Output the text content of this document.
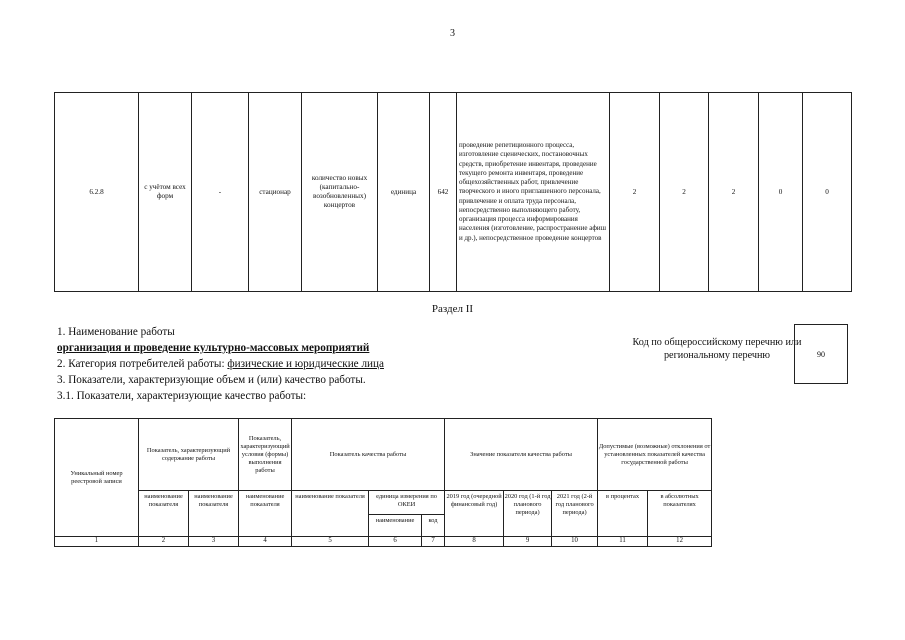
3
6.2.8	с учётом всех форм	-	стационар	количество новых (капитально-возобновленных) концертов	единица	642	проведение репетиционного процесса, изготовление сценических, постановочных средств, приобретение инвентаря, проведение текущего ремонта инвентаря, проведение общехозяйственных работ, привлечение творческого и иного приглашенного персонала, привлечение и оплата труда персонала, непосредственно выполняющего работу, организация процесса информирования населения (изготовление, распространение афиш и др.), непосредственное проведение концертов	2	2	2	0	0
Раздел II
1. Наименование работы
организация и проведение культурно-массовых мероприятий
2. Категория потребителей работы: физические и юридические лица
3. Показатели, характеризующие объем и (или) качество работы.
3.1. Показатели, характеризующие качество работы:
Код по общероссийскому перечню или региональному перечню	90
Уникальный номер реестровой записи	Показатель, характеризующий содержание работы		Показатель, характеризующий условия (формы) выполнения работы	Показатель качества работы			Значение показателя качества работы			Допустимые (возможные) отклонения от установленных показателей качества государственной работы	
	наименование показателя	наименование показателя	наименование показателя	наименование показателя	единица измерения по ОКЕИ		2019 год (очередной финансовый год)	2020 год (1-й год планового периода)	2021 год (2-й год планового периода)	в процентах	в абсолютных показателях
					наименование	код					
1	2	3	4	5	6	7	8	9	10	11	12
